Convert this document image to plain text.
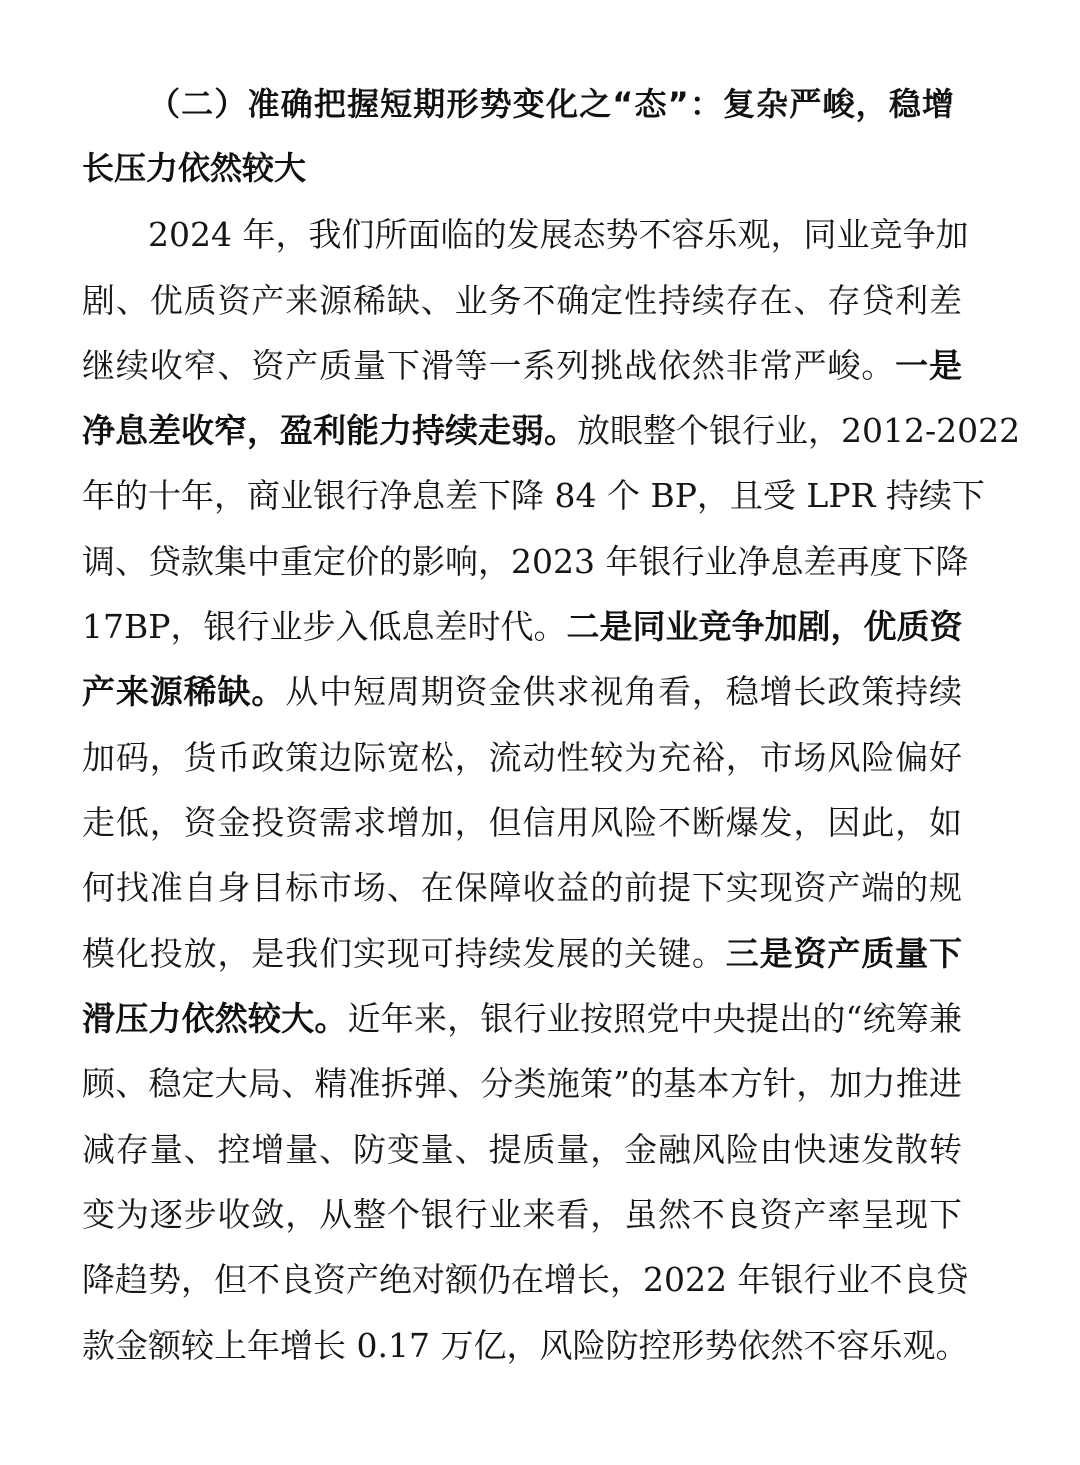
（二）准确把握短期形势变化之“态”：复杂严峻，稳增
长压力依然较大
2024 年，我们所面临的发展态势不容乐观，同业竞争加
剧、优质资产来源稀缺、业务不确定性持续存在、存贷利差
继续收窄、资产质量下滑等一系列挑战依然非常严峻。一是
净息差收窄，盈利能力持续走弱。放眼整个银行业，2012-2022
年的十年，商业银行净息差下降 84 个 BP，且受 LPR 持续下
调、贷款集中重定价的影响，2023 年银行业净息差再度下降
17BP，银行业步入低息差时代。二是同业竞争加剧，优质资
产来源稀缺。从中短周期资金供求视角看，稳增长政策持续
加码，货币政策边际宽松，流动性较为充裕，市场风险偏好
走低，资金投资需求增加，但信用风险不断爆发，因此，如
何找准自身目标市场、在保障收益的前提下实现资产端的规
模化投放，是我们实现可持续发展的关键。三是资产质量下
滑压力依然较大。近年来，银行业按照党中央提出的“统筹兼
顾、稳定大局、精准拆弹、分类施策”的基本方针，加力推进
减存量、控增量、防变量、提质量，金融风险由快速发散转
变为逐步收敛，从整个银行业来看，虽然不良资产率呈现下
降趋势，但不良资产绝对额仍在增长，2022 年银行业不良贷
款金额较上年增长 0.17 万亿，风险防控形势依然不容乐观。
